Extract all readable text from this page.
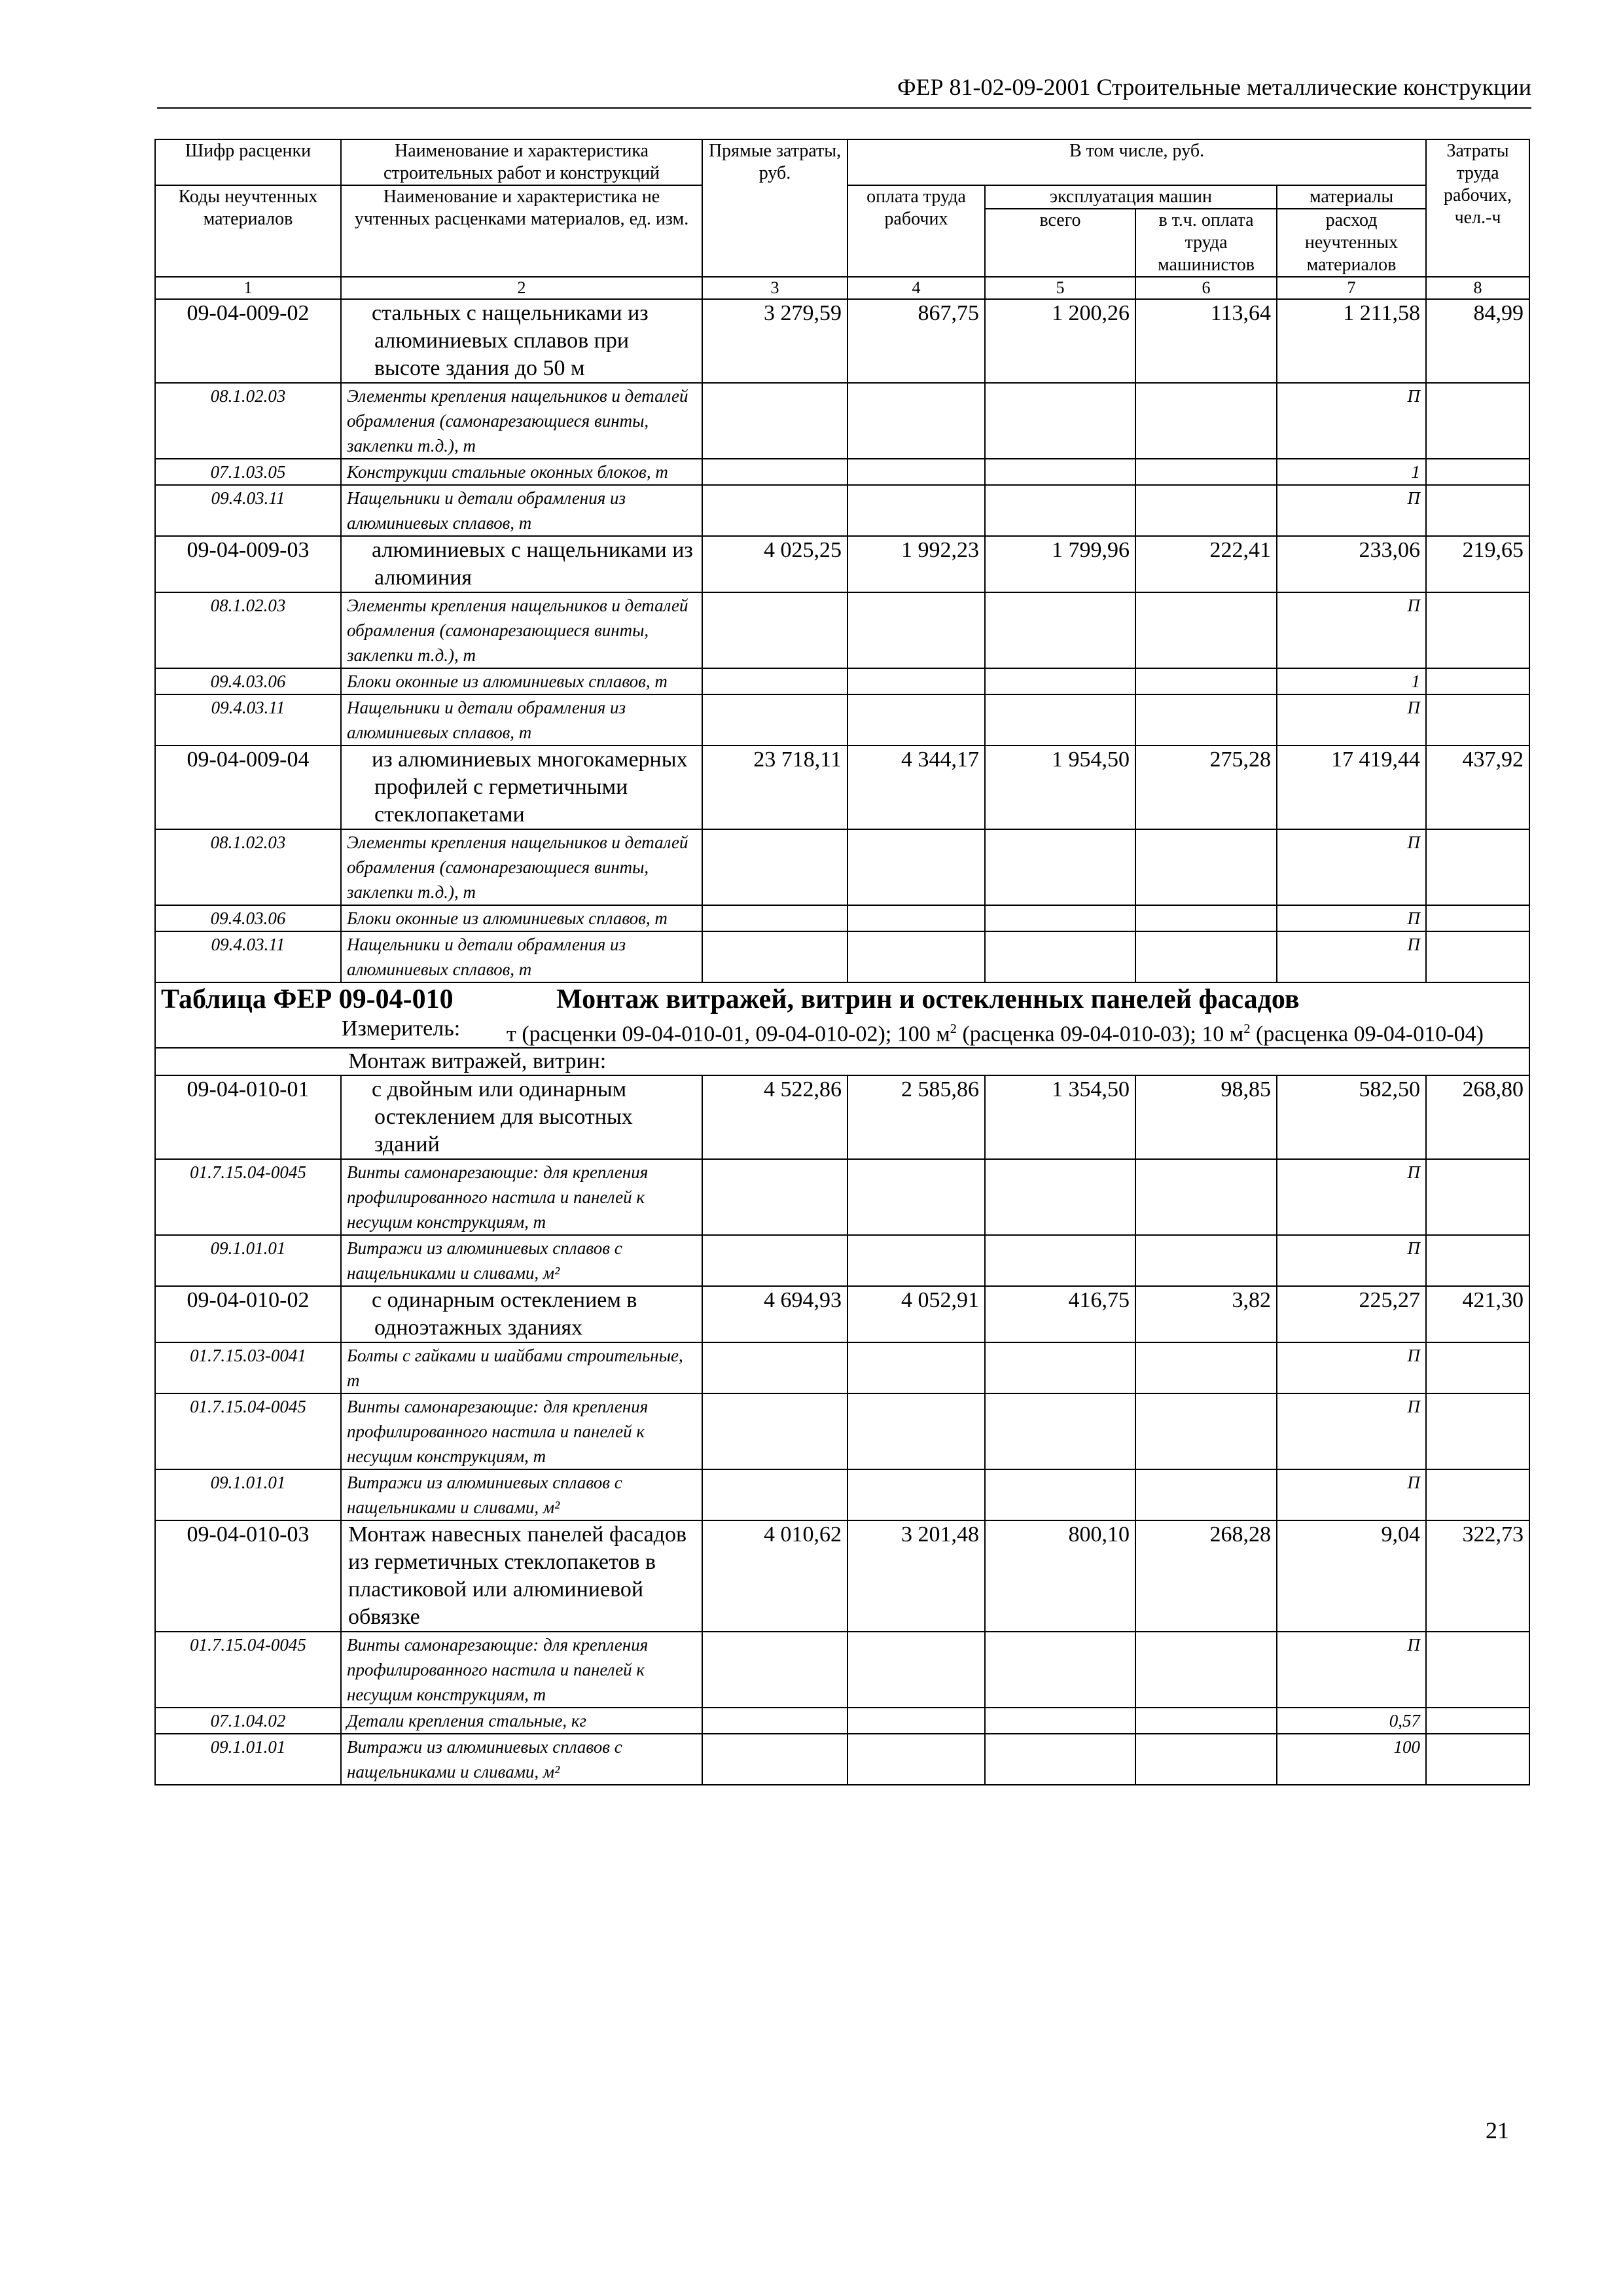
ФЕР 81-02-09-2001 Строительные металлические конструкции
Шифр расценки	Наименование и характеристика строительных работ и конструкций	Прямые затраты, руб.	В том числе, руб.				Затраты труда рабочих, чел.-ч
Коды неучтенных материалов	Наименование и характеристика не учтенных расценками материалов, ед. изм.		оплата труда рабочих	эксплуатация машин		материалы	
				всего	в т.ч. оплата труда машинистов	расход неучтенных материалов	
1	2	3	4	5	6	7	8
09-04-009-02	стальных с нащельниками из алюминиевых сплавов при высоте здания до 50 м	3 279,59	867,75	1 200,26	113,64	1 211,58	84,99
08.1.02.03	Элементы крепления нащельников и деталей обрамления (самонарезающиеся винты, заклепки т.д.), т					П	
07.1.03.05	Конструкции стальные оконных блоков, т					1	
09.4.03.11	Нащельники и детали обрамления из алюминиевых сплавов, т					П	
09-04-009-03	алюминиевых с нащельниками из алюминия	4 025,25	1 992,23	1 799,96	222,41	233,06	219,65
08.1.02.03	Элементы крепления нащельников и деталей обрамления (самонарезающиеся винты, заклепки т.д.), т					П	
09.4.03.06	Блоки оконные из алюминиевых сплавов, т					1	
09.4.03.11	Нащельники и детали обрамления из алюминиевых сплавов, т					П	
09-04-009-04	из алюминиевых многокамерных профилей с герметичными стеклопакетами	23 718,11	4 344,17	1 954,50	275,28	17 419,44	437,92
08.1.02.03	Элементы крепления нащельников и деталей обрамления (самонарезающиеся винты, заклепки т.д.), т					П	
09.4.03.06	Блоки оконные из алюминиевых сплавов, т					П	
09.4.03.11	Нащельники и детали обрамления из алюминиевых сплавов, т					П	

Таблица ФЕР 09-04-010 Монтаж витражей, витрин и остекленных панелей фасадов
Измеритель: т (расценки 09-04-010-01, 09-04-010-02); 100 $м^2$ (расценка 09-04-010-03); 10 $м^2$ (расценка 09-04-010-04)							

Монтаж витражей, витрин:							
09-04-010-01	с двойным или одинарным остеклением для высотных зданий	4 522,86	2 585,86	1 354,50	98,85	582,50	268,80
01.7.15.04-0045	Винты самонарезающие: для крепления профилированного настила и панелей к несущим конструкциям, т					П	
09.1.01.01	Витражи из алюминиевых сплавов с нащельниками и сливами, м²					П	
09-04-010-02	с одинарным остеклением в одноэтажных зданиях	4 694,93	4 052,91	416,75	3,82	225,27	421,30
01.7.15.03-0041	Болты с гайками и шайбами строительные, т					П	
01.7.15.04-0045	Винты самонарезающие: для крепления профилированного настила и панелей к несущим конструкциям, т					П	
09.1.01.01	Витражи из алюминиевых сплавов с нащельниками и сливами, м²					П	
09-04-010-03	Монтаж навесных панелей фасадов из герметичных стеклопакетов в пластиковой или алюминиевой обвязке	4 010,62	3 201,48	800,10	268,28	9,04	322,73
01.7.15.04-0045	Винты самонарезающие: для крепления профилированного настила и панелей к несущим конструкциям, т					П	
07.1.04.02	Детали крепления стальные, кг					0,57	
09.1.01.01	Витражи из алюминиевых сплавов с нащельниками и сливами, м²					100	
21
